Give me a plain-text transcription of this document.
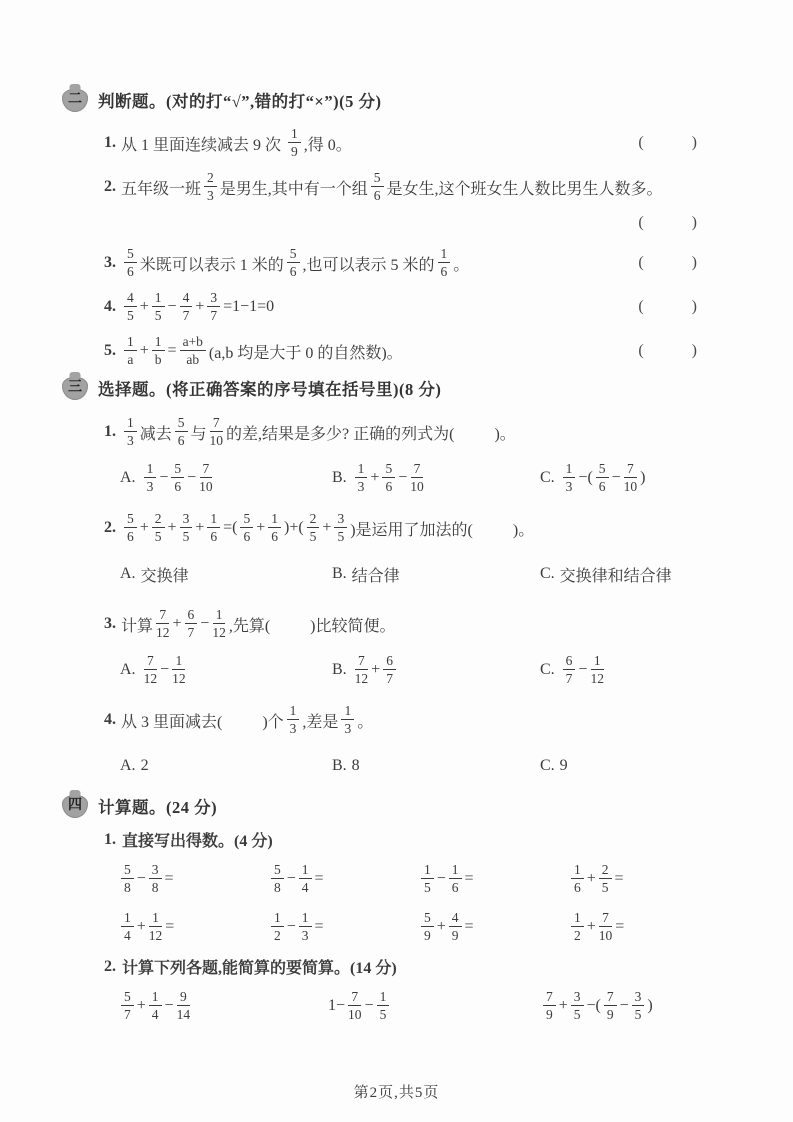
二 判断题。(对的打“√”,错的打“×”)(5 分)
1. 从 1 里面连续减去 9 次 $\frac{1}{9}$ ,得 0。	(            )
2. 五年级一班 $\frac{2}{3}$ 是男生,其中有一个组 $\frac{5}{6}$ 是女生,这个班女生人数比男生人数多。
(            )
3. $\frac{5}{6}$ 米既可以表示 1 米的 $\frac{5}{6}$ ,也可以表示 5 米的 $\frac{1}{6}$ 。	(            )
4. $\frac{4}{5} + \frac{1}{5} - \frac{4}{7} + \frac{3}{7} =1-1=0$	(            )
5. $\frac{1}{a} + \frac{1}{b} = \frac{a+b}{ab} (a,b$ 均是大于 0 的自然数)。	(            )
三 选择题。(将正确答案的序号填在括号里)(8 分)
1. $\frac{1}{3}$ 减去 $\frac{5}{6}$ 与 $\frac{7}{10}$ 的差,结果是多少? 正确的列式为(          )。
A. $\frac{1}{3} - \frac{5}{6} - \frac{7}{10}$	B. $\frac{1}{3} + \frac{5}{6} - \frac{7}{10}$	C. $\frac{1}{3}$ −( $\frac{5}{6} - \frac{7}{10}$ )
2. $\frac{5}{6} + \frac{2}{5} + \frac{3}{5} + \frac{1}{6}$ =( $\frac{5}{6} + \frac{1}{6}$ )+( $\frac{2}{5} + \frac{3}{5}$ )是运用了加法的(          )。
A. 交换律	B. 结合律	C. 交换律和结合律
3. 计算 $\frac{7}{12} + \frac{6}{7} - \frac{1}{12}$ ,先算(          )比较简便。
A. $\frac{7}{12} - \frac{1}{12}$	B. $\frac{7}{12} + \frac{6}{7}$	C. $\frac{6}{7} - \frac{1}{12}$
4. 从 3 里面减去(          )个 $\frac{1}{3}$ ,差是 $\frac{1}{3}$ 。
A. 2	B. 8	C. 9
四 计算题。(24 分)
1. 直接写出得数。(4 分)
$\frac{5}{8} - \frac{3}{8}$ =	$\frac{5}{8} - \frac{1}{4}$ =	$\frac{1}{5} - \frac{1}{6}$ =	$\frac{1}{6} + \frac{2}{5}$ =
$\frac{1}{4} + \frac{1}{12}$ =	$\frac{1}{2} - \frac{1}{3}$ =	$\frac{5}{9} + \frac{4}{9}$ =	$\frac{1}{2} + \frac{7}{10}$ =
2. 计算下列各题,能简算的要简算。(14 分)
$\frac{5}{7} + \frac{1}{4} - \frac{9}{14}$	$1- \frac{7}{10} - \frac{1}{5}$	$\frac{7}{9} + \frac{3}{5}$ −( $\frac{7}{9} - \frac{3}{5}$ )
第2页,共5页
